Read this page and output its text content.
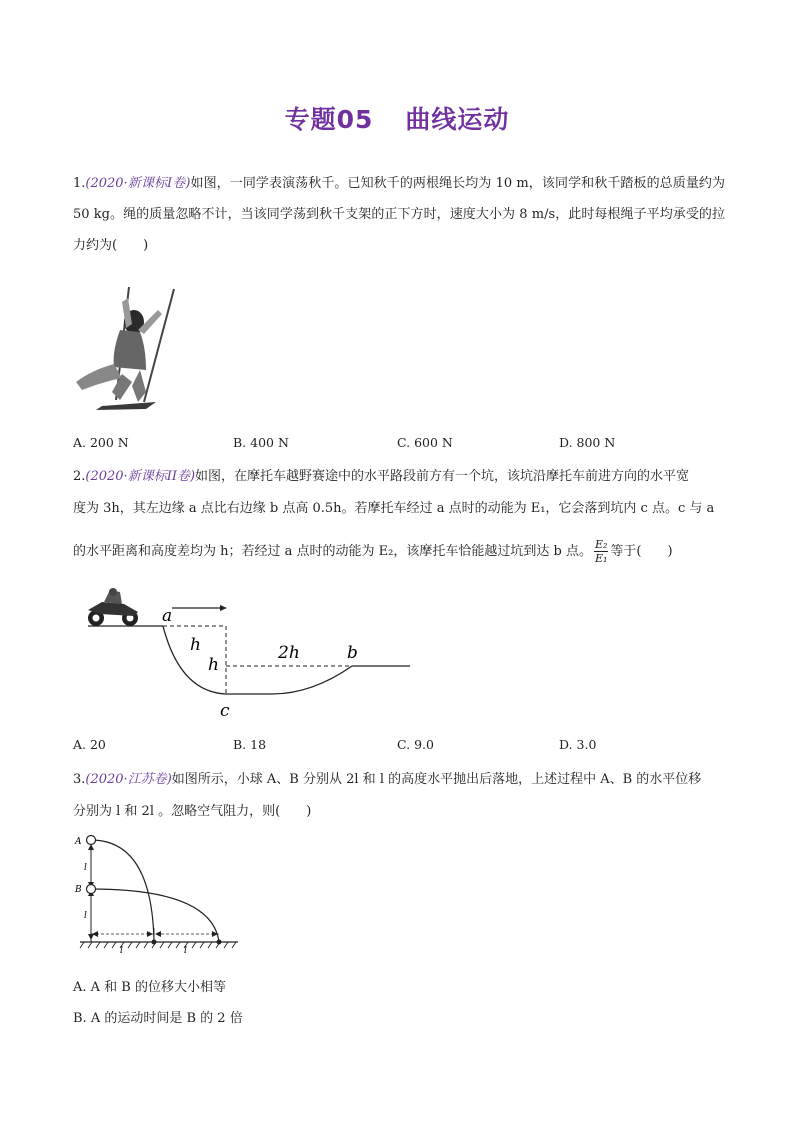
专题05 曲线运动
1.(2020·新课标I卷)如图，一同学表演荡秋千。已知秋千的两根绳长均为 10 m，该同学和秋千踏板的总质量约为 50 kg。绳的质量忽略不计，当该同学荡到秋千支架的正下方时，速度大小为 8 m/s，此时每根绳子平均承受的拉力约为(　　)
A. 200 N	B. 400 N	C. 600 N	D. 800 N
2.(2020·新课标II卷)如图，在摩托车越野赛途中的水平路段前方有一个坑，该坑沿摩托车前进方向的水平宽
度为 3h，其左边缘 a 点比右边缘 b 点高 0.5h。若摩托车经过 a 点时的动能为 E₁，它会落到坑内 c 点。c 与 a
的水平距离和高度差均为 h；若经过 a 点时的动能为 E₂，该摩托车恰能越过坑到达 b 点。 $\frac{\text{E₂}}{\text{E₁}}$ 等于(　　)
a
h
h
2h	b
c
A. 20	B. 18	C. 9.0	D. 3.0
3.(2020·江苏卷)如图所示，小球 A、B 分别从 2l 和 l 的高度水平抛出后落地，上述过程中 A、B 的水平位移
分别为 l 和 2l 。忽略空气阻力，则(　　)
A
B
l
l
l	l
A. A 和 B 的位移大小相等
B. A 的运动时间是 B 的 2 倍
